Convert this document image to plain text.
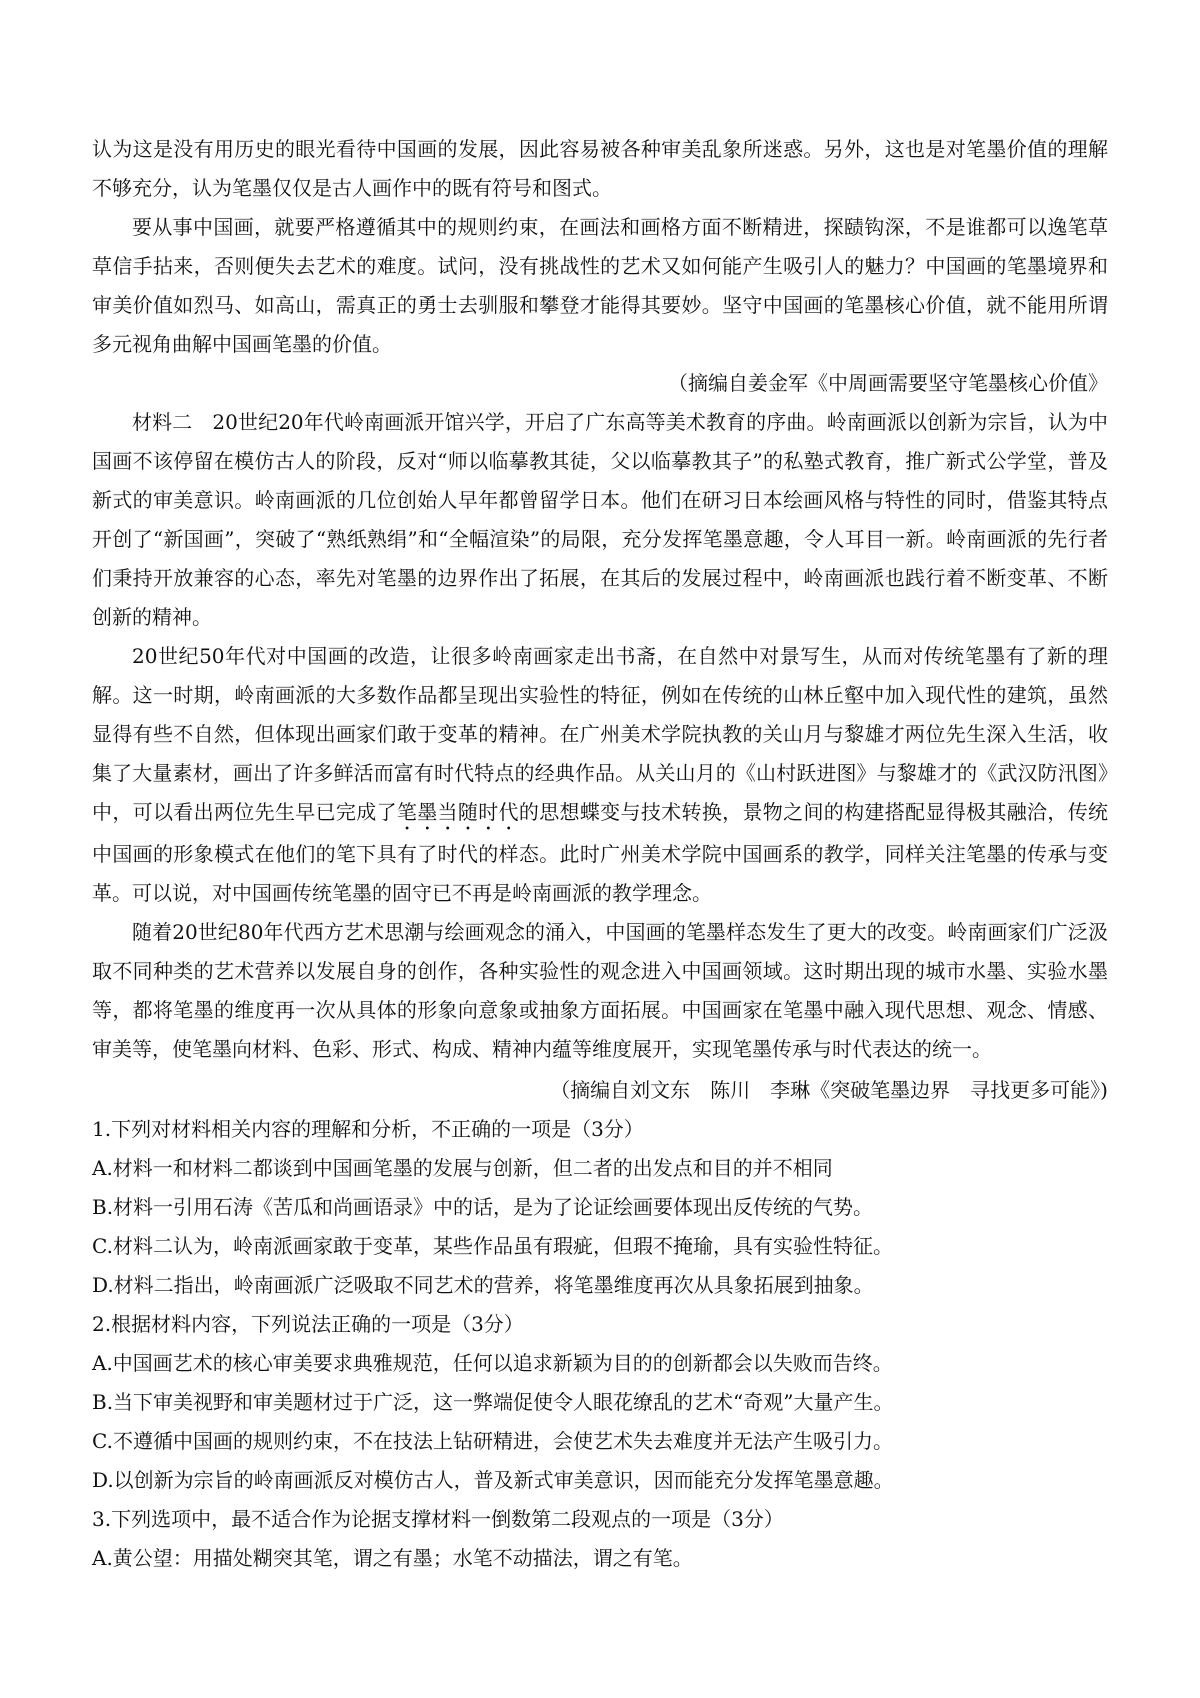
认为这是没有用历史的眼光看待中国画的发展，因此容易被各种审美乱象所迷惑。另外，这也是对笔墨价值的理解不够充分，认为笔墨仅仅是古人画作中的既有符号和图式。

要从事中国画，就要严格遵循其中的规则约束，在画法和画格方面不断精进，探赜钩深，不是谁都可以逸笔草草信手拈来，否则便失去艺术的难度。试问，没有挑战性的艺术又如何能产生吸引人的魅力？中国画的笔墨境界和审美价值如烈马、如高山，需真正的勇士去驯服和攀登才能得其要妙。坚守中国画的笔墨核心价值，就不能用所谓多元视角曲解中国画笔墨的价值。

（摘编自姜金军《中周画需要坚守笔墨核心价值》

材料二　20世纪20年代岭南画派开馆兴学，开启了广东高等美术教育的序曲。岭南画派以创新为宗旨，认为中国画不该停留在模仿古人的阶段，反对“师以临摹教其徒，父以临摹教其子”的私塾式教育，推广新式公学堂，普及新式的审美意识。岭南画派的几位创始人早年都曾留学日本。他们在研习日本绘画风格与特性的同时，借鉴其特点开创了“新国画”，突破了“熟纸熟绢”和“全幅渲染”的局限，充分发挥笔墨意趣，令人耳目一新。岭南画派的先行者们秉持开放兼容的心态，率先对笔墨的边界作出了拓展，在其后的发展过程中，岭南画派也践行着不断变革、不断创新的精神。

20世纪50年代对中国画的改造，让很多岭南画家走出书斋，在自然中对景写生，从而对传统笔墨有了新的理解。这一时期，岭南画派的大多数作品都呈现出实验性的特征，例如在传统的山林丘壑中加入现代性的建筑，虽然显得有些不自然，但体现出画家们敢于变革的精神。在广州美术学院执教的关山月与黎雄才两位先生深入生活，收集了大量素材，画出了许多鲜活而富有时代特点的经典作品。从关山月的《山村跃进图》与黎雄才的《武汉防汛图》中，可以看出两位先生早已完成了笔墨当随时代的思想蝶变与技术转换，景物之间的构建搭配显得极其融洽，传统中国画的形象模式在他们的笔下具有了时代的样态。此时广州美术学院中国画系的教学，同样关注笔墨的传承与变革。可以说，对中国画传统笔墨的固守已不再是岭南画派的教学理念。

随着20世纪80年代西方艺术思潮与绘画观念的涌入，中国画的笔墨样态发生了更大的改变。岭南画家们广泛汲取不同种类的艺术营养以发展自身的创作，各种实验性的观念进入中国画领域。这时期出现的城市水墨、实验水墨等，都将笔墨的维度再一次从具体的形象向意象或抽象方面拓展。中国画家在笔墨中融入现代思想、观念、情感、审美等，使笔墨向材料、色彩、形式、构成、精神内蕴等维度展开，实现笔墨传承与时代表达的统一。

（摘编自刘文东　陈川　李琳《突破笔墨边界　寻找更多可能》)

1.下列对材料相关内容的理解和分析，不正确的一项是（3分）

A.材料一和材料二都谈到中国画笔墨的发展与创新，但二者的出发点和目的并不相同

B.材料一引用石涛《苦瓜和尚画语录》中的话，是为了论证绘画要体现出反传统的气势。

C.材料二认为，岭南派画家敢于变革，某些作品虽有瑕疵，但瑕不掩瑜，具有实验性特征。

D.材料二指出，岭南画派广泛吸取不同艺术的营养，将笔墨维度再次从具象拓展到抽象。

2.根据材料内容，下列说法正确的一项是（3分）

A.中国画艺术的核心审美要求典雅规范，任何以追求新颖为目的的创新都会以失败而告终。

B.当下审美视野和审美题材过于广泛，这一弊端促使令人眼花缭乱的艺术“奇观”大量产生。

C.不遵循中国画的规则约束，不在技法上钻研精进，会使艺术失去难度并无法产生吸引力。

D.以创新为宗旨的岭南画派反对模仿古人，普及新式审美意识，因而能充分发挥笔墨意趣。

3.下列选项中，最不适合作为论据支撑材料一倒数第二段观点的一项是（3分）

A.黄公望：用描处糊突其笔，谓之有墨；水笔不动描法，谓之有笔。
